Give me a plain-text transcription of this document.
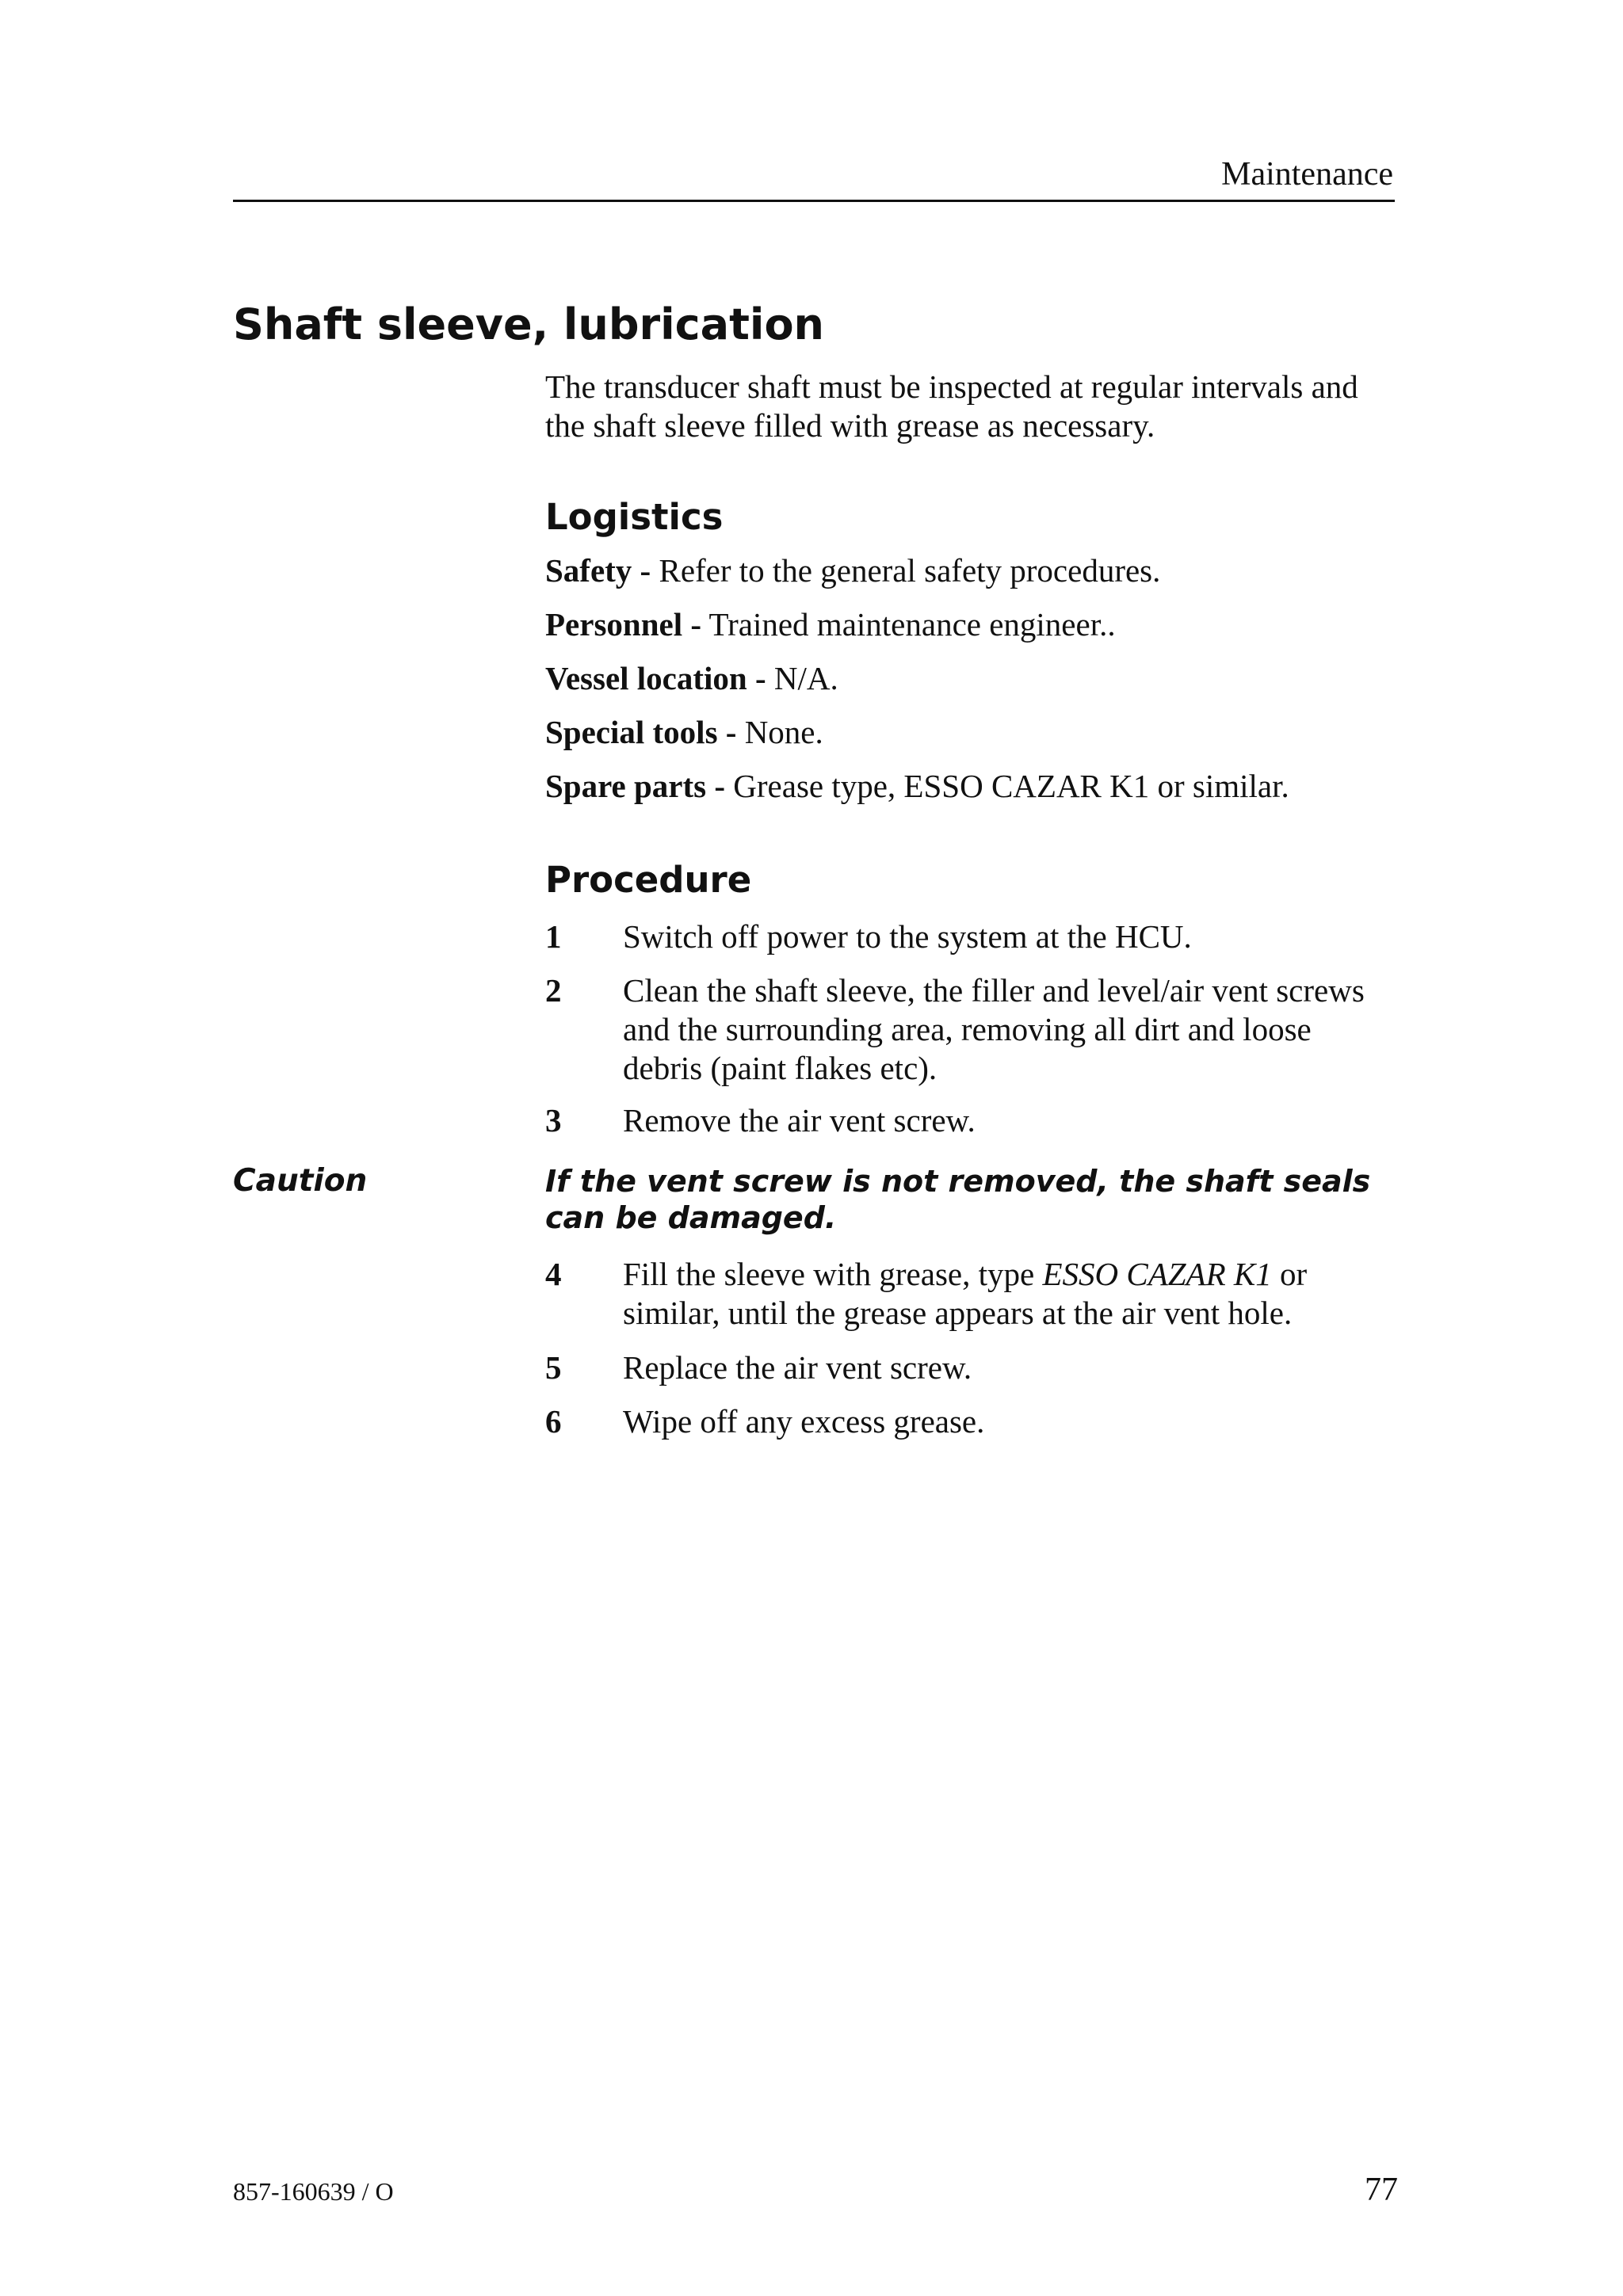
Maintenance
Shaft sleeve, lubrication

The transducer shaft must be inspected at regular intervals and the shaft sleeve filled with grease as necessary.

Logistics
Safety - Refer to the general safety procedures.
Personnel - Trained maintenance engineer..
Vessel location - N/A.
Special tools - None.
Spare parts - Grease type, ESSO CAZAR K1 or similar.
Procedure
1 Switch off power to the system at the HCU.
2 Clean the shaft sleeve, the filler and level/air vent screws and the surrounding area, removing all dirt and loose debris (paint flakes etc).
3 Remove the air vent screw.
Caution	If the vent screw is not removed, the shaft seals can be damaged.
4 Fill the sleeve with grease, type ESSO CAZAR K1 or similar, until the grease appears at the air vent hole.
5 Replace the air vent screw.
6 Wipe off any excess grease.
857-160639 / O	77
